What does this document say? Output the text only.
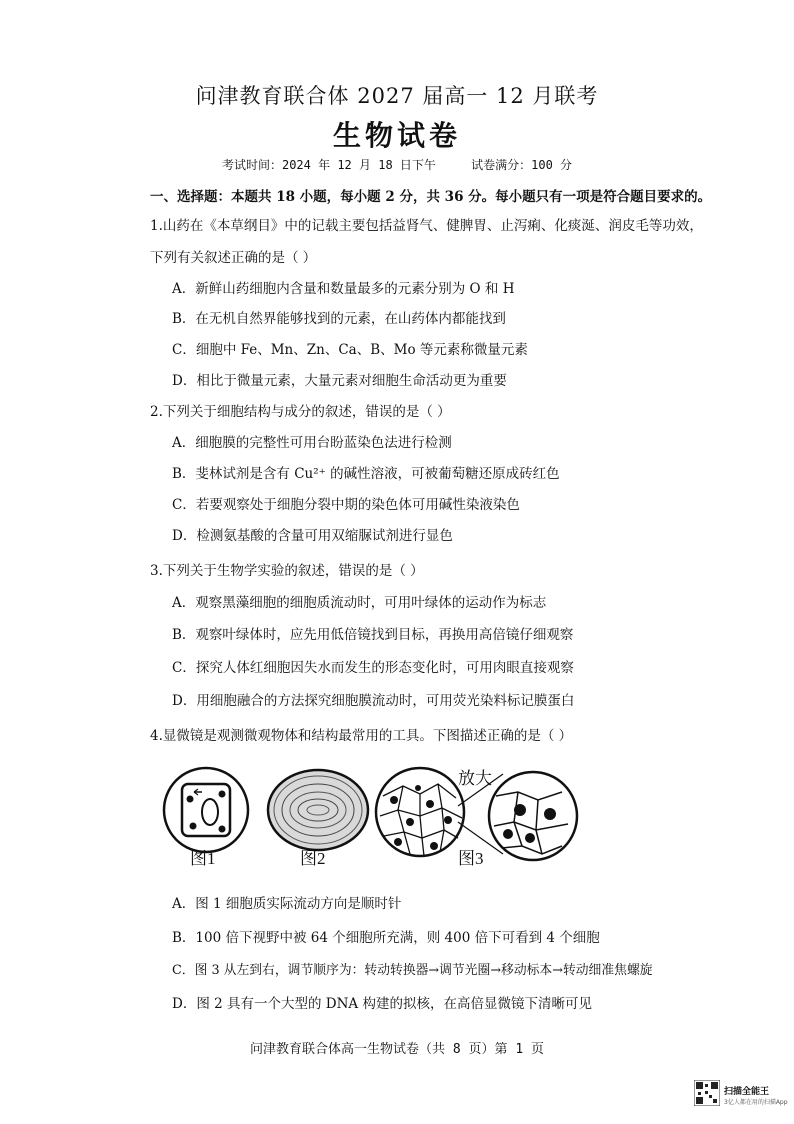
问津教育联合体 2027 届高一 12 月联考
生物试卷
考试时间：2024 年 12 月 18 日下午	试卷满分：100 分
一、选择题：本题共 18 小题，每小题 2 分，共 36 分。每小题只有一项是符合题目要求的。
1.山药在《本草纲目》中的记载主要包括益肾气、健脾胃、止泻痢、化痰涎、润皮毛等功效，
下列有关叙述正确的是（ ）
A．新鲜山药细胞内含量和数量最多的元素分别为 O 和 H
B．在无机自然界能够找到的元素，在山药体内都能找到
C．细胞中 Fe、Mn、Zn、Ca、B、Mo 等元素称微量元素
D．相比于微量元素，大量元素对细胞生命活动更为重要
2.下列关于细胞结构与成分的叙述，错误的是（ ）
A．细胞膜的完整性可用台盼蓝染色法进行检测
B．斐林试剂是含有 Cu²⁺ 的碱性溶液，可被葡萄糖还原成砖红色
C．若要观察处于细胞分裂中期的染色体可用碱性染液染色
D．检测氨基酸的含量可用双缩脲试剂进行显色
3.下列关于生物学实验的叙述，错误的是（ ）
A．观察黑藻细胞的细胞质流动时，可用叶绿体的运动作为标志
B．观察叶绿体时，应先用低倍镜找到目标，再换用高倍镜仔细观察
C．探究人体红细胞因失水而发生的形态变化时，可用肉眼直接观察
D．用细胞融合的方法探究细胞膜流动时，可用荧光染料标记膜蛋白
4.显微镜是观测微观物体和结构最常用的工具。下图描述正确的是（ ）
放大
图1	图2	图3
A．图 1 细胞质实际流动方向是顺时针
B．100 倍下视野中被 64 个细胞所充满，则 400 倍下可看到 4 个细胞
C．图 3 从左到右，调节顺序为：转动转换器→调节光圈→移动标本→转动细准焦螺旋
D．图 2 具有一个大型的 DNA 构建的拟核，在高倍显微镜下清晰可见
问津教育联合体高一生物试卷（共 8 页）第 1 页
扫描全能王
3亿人都在用的扫描App
